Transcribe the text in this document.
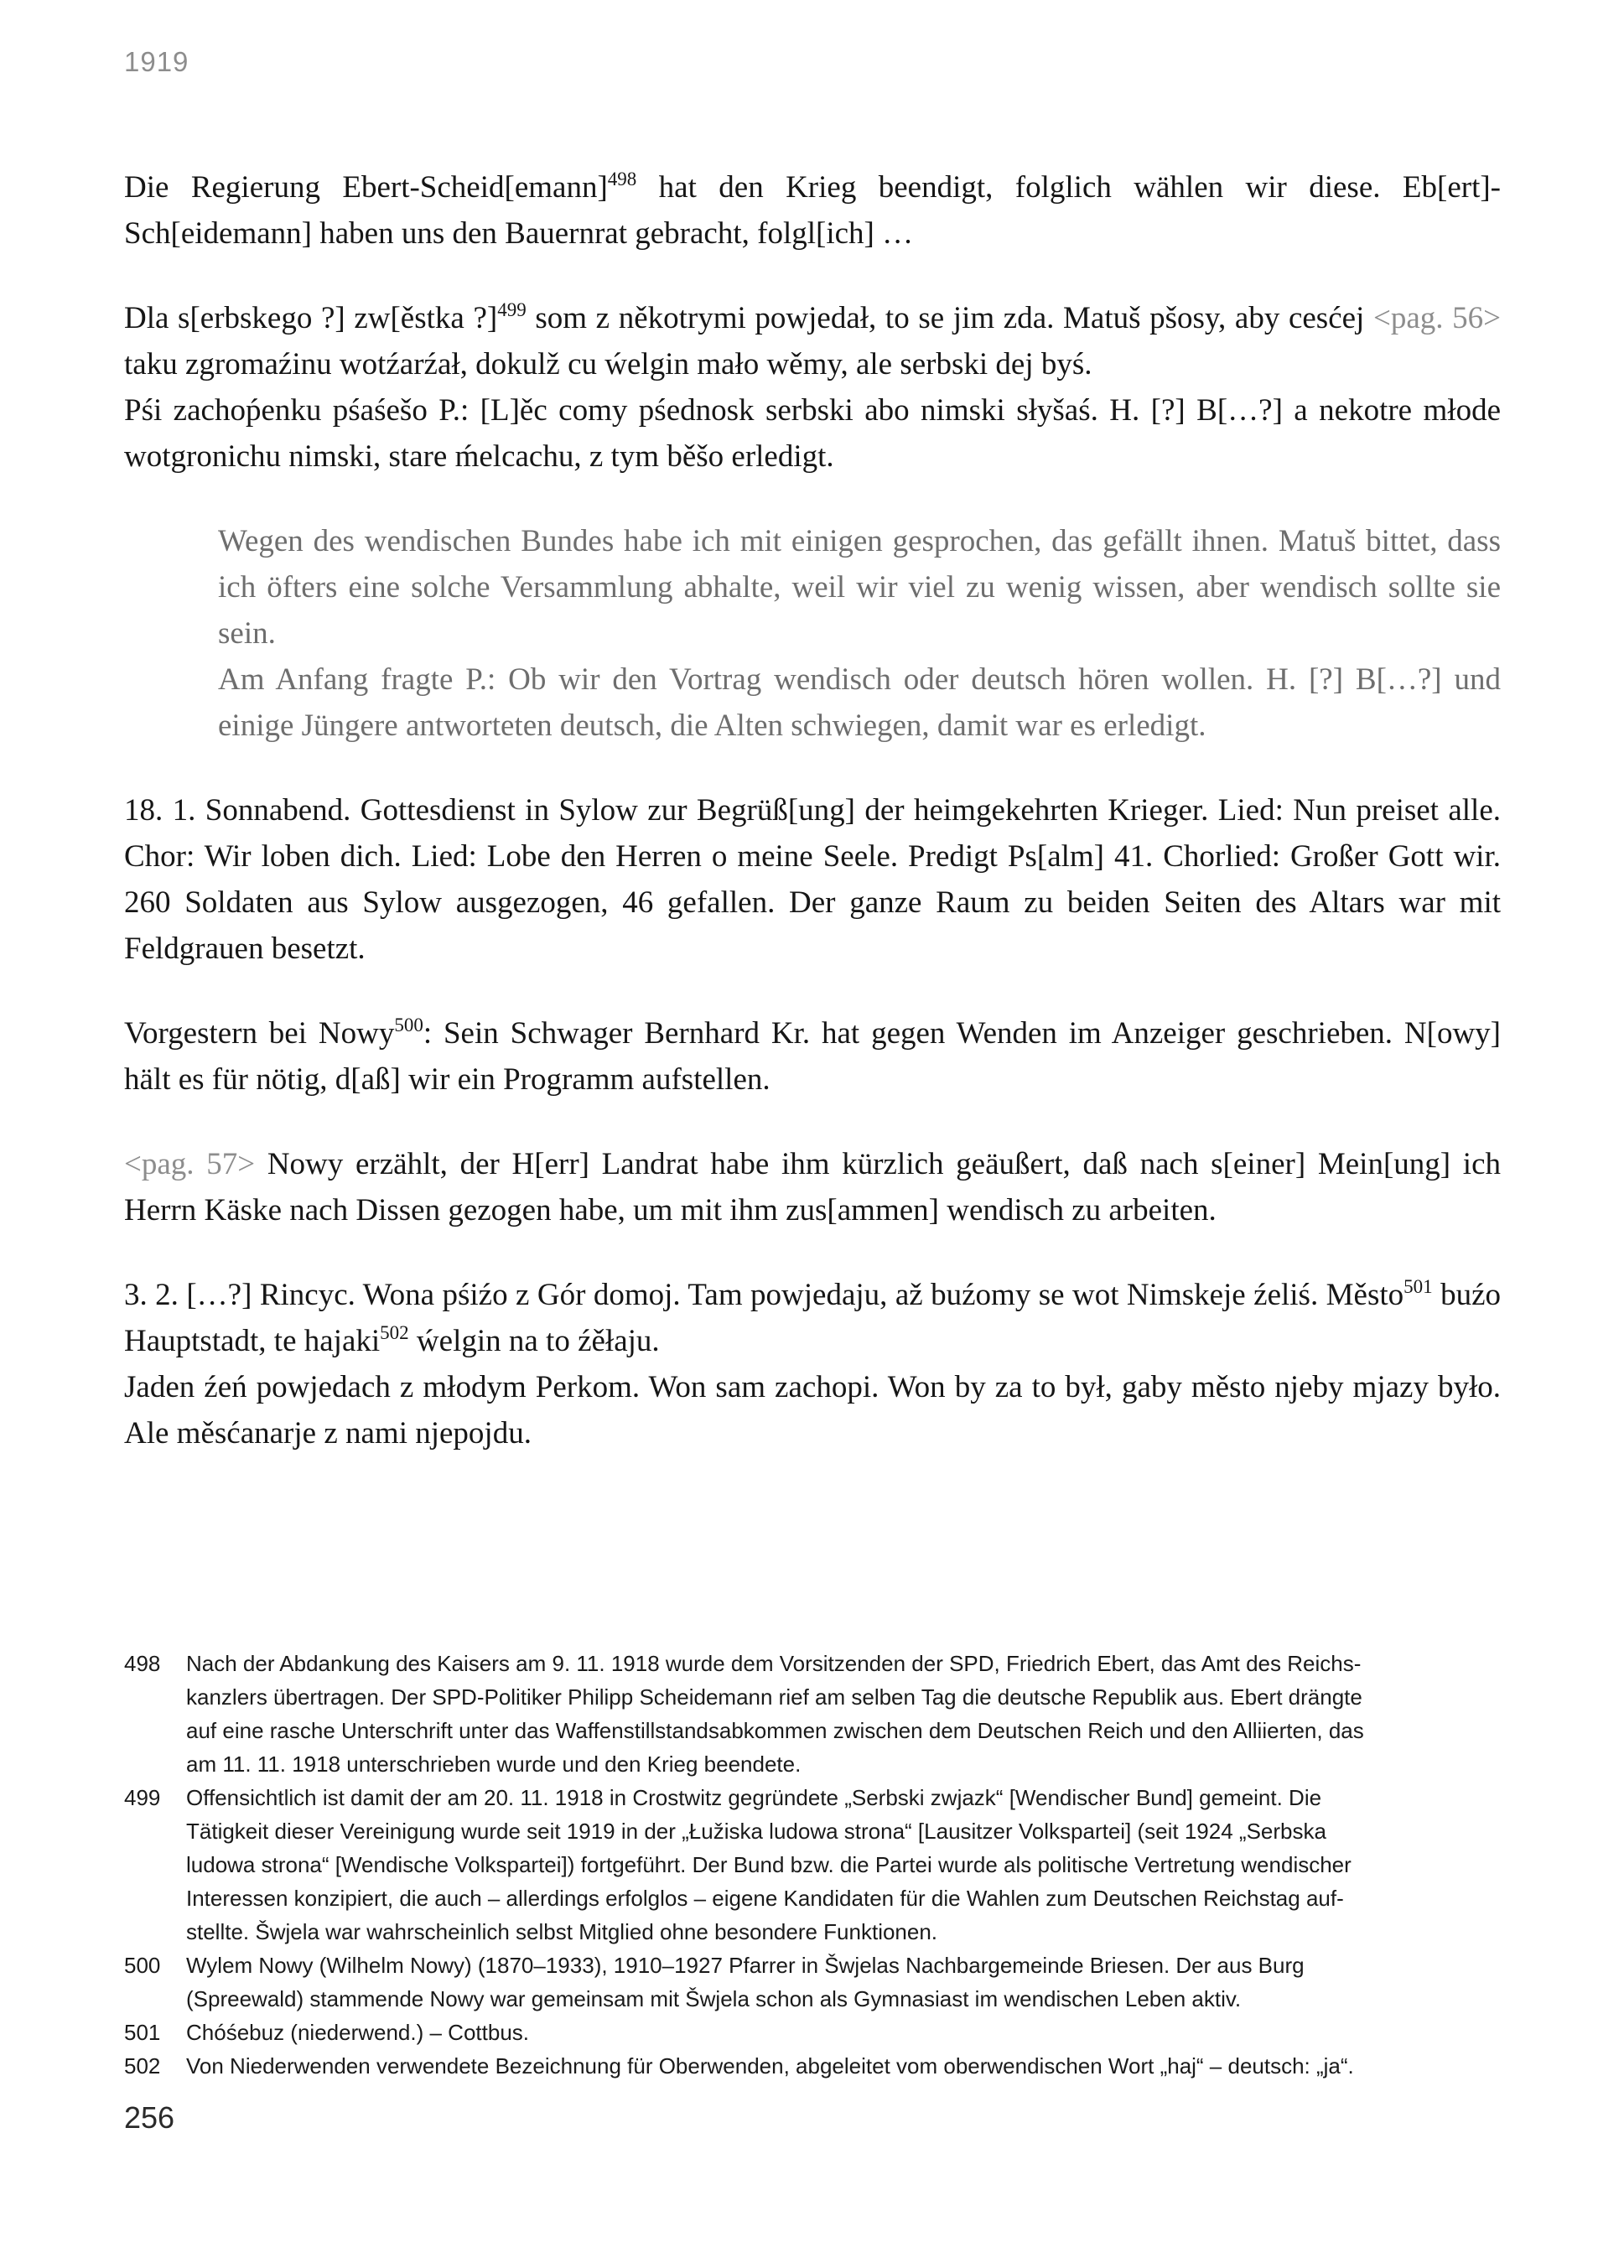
1919

Die Regierung Ebert-Scheid[emann]$^{498}$ hat den Krieg beendigt, folglich wählen wir diese. Eb[ert]-Sch[eidemann] haben uns den Bauernrat gebracht, folgl[ich] …

Dla s[erbskego ?] zw[ěstka ?]$^{499}$ som z někotrymi powjedał, to se jim zda. Matuš pšosy, aby cesćej <pag. 56> taku zgromaźinu wotźarźał, dokulž cu ẃelgin mało wěmy, ale serbski dej byś.

Pśi zachoṕenku pśaśešo P.: [L]ěc comy pśednosk serbski abo nimski słyšaś. H. [?] B[…?] a nekotre młode wotgronichu nimski, stare ḿelcachu, z tym běšo erledigt.

Wegen des wendischen Bundes habe ich mit einigen gesprochen, das gefällt ihnen. Matuš bittet, dass ich öfters eine solche Versammlung abhalte, weil wir viel zu wenig wissen, aber wendisch sollte sie sein.

Am Anfang fragte P.: Ob wir den Vortrag wendisch oder deutsch hören wollen. H. [?] B[…?] und einige Jüngere antworteten deutsch, die Alten schwiegen, damit war es erledigt.

18. 1. Sonnabend. Gottesdienst in Sylow zur Begrüß[ung] der heimgekehrten Krieger. Lied: Nun preiset alle. Chor: Wir loben dich. Lied: Lobe den Herren o meine Seele. Predigt Ps[alm] 41. Chorlied: Großer Gott wir. 260 Soldaten aus Sylow ausgezogen, 46 gefallen. Der ganze Raum zu beiden Seiten des Altars war mit Feldgrauen besetzt.

Vorgestern bei Nowy$^{500}$: Sein Schwager Bernhard Kr. hat gegen Wenden im Anzeiger geschrieben. N[owy] hält es für nötig, d[aß] wir ein Programm aufstellen.

<pag. 57> Nowy erzählt, der H[err] Landrat habe ihm kürzlich geäußert, daß nach s[einer] Mein[ung] ich Herrn Käske nach Dissen gezogen habe, um mit ihm zus[ammen] wendisch zu arbeiten.

3. 2. […?] Rincyc. Wona pśiźo z Gór domoj. Tam powjedaju, až buźomy se wot Nimskeje źeliś. Město$^{501}$ buźo Hauptstadt, te hajaki$^{502}$ ẃelgin na to źěłaju.

Jaden źeń powjedach z młodym Perkom. Won sam zachopi. Won by za to był, gaby město njeby mjazy było. Ale měsćanarje z nami njepojdu.

498	Nach der Abdankung des Kaisers am 9. 11. 1918 wurde dem Vorsitzenden der SPD, Friedrich Ebert, das Amt des Reichs-
kanzlers übertragen. Der SPD-Politiker Philipp Scheidemann rief am selben Tag die deutsche Republik aus. Ebert drängte
auf eine rasche Unterschrift unter das Waffenstillstandsabkommen zwischen dem Deutschen Reich und den Alliierten, das
am 11. 11. 1918 unterschrieben wurde und den Krieg beendete.
499	Offensichtlich ist damit der am 20. 11. 1918 in Crostwitz gegründete „Serbski zwjazk“ [Wendischer Bund] gemeint. Die
Tätigkeit dieser Vereinigung wurde seit 1919 in der „Łužiska ludowa strona“ [Lausitzer Volkspartei] (seit 1924 „Serbska
ludowa strona“ [Wendische Volkspartei]) fortgeführt. Der Bund bzw. die Partei wurde als politische Vertretung wendischer
Interessen konzipiert, die auch – allerdings erfolglos – eigene Kandidaten für die Wahlen zum Deutschen Reichstag auf-
stellte. Šwjela war wahrscheinlich selbst Mitglied ohne besondere Funktionen.
500	Wylem Nowy (Wilhelm Nowy) (1870–1933), 1910–1927 Pfarrer in Šwjelas Nachbargemeinde Briesen. Der aus Burg
(Spreewald) stammende Nowy war gemeinsam mit Šwjela schon als Gymnasiast im wendischen Leben aktiv.
501	Chóśebuz (niederwend.) – Cottbus.
502	Von Niederwenden verwendete Bezeichnung für Oberwenden, abgeleitet vom oberwendischen Wort „haj“ – deutsch: „ja“.
256
